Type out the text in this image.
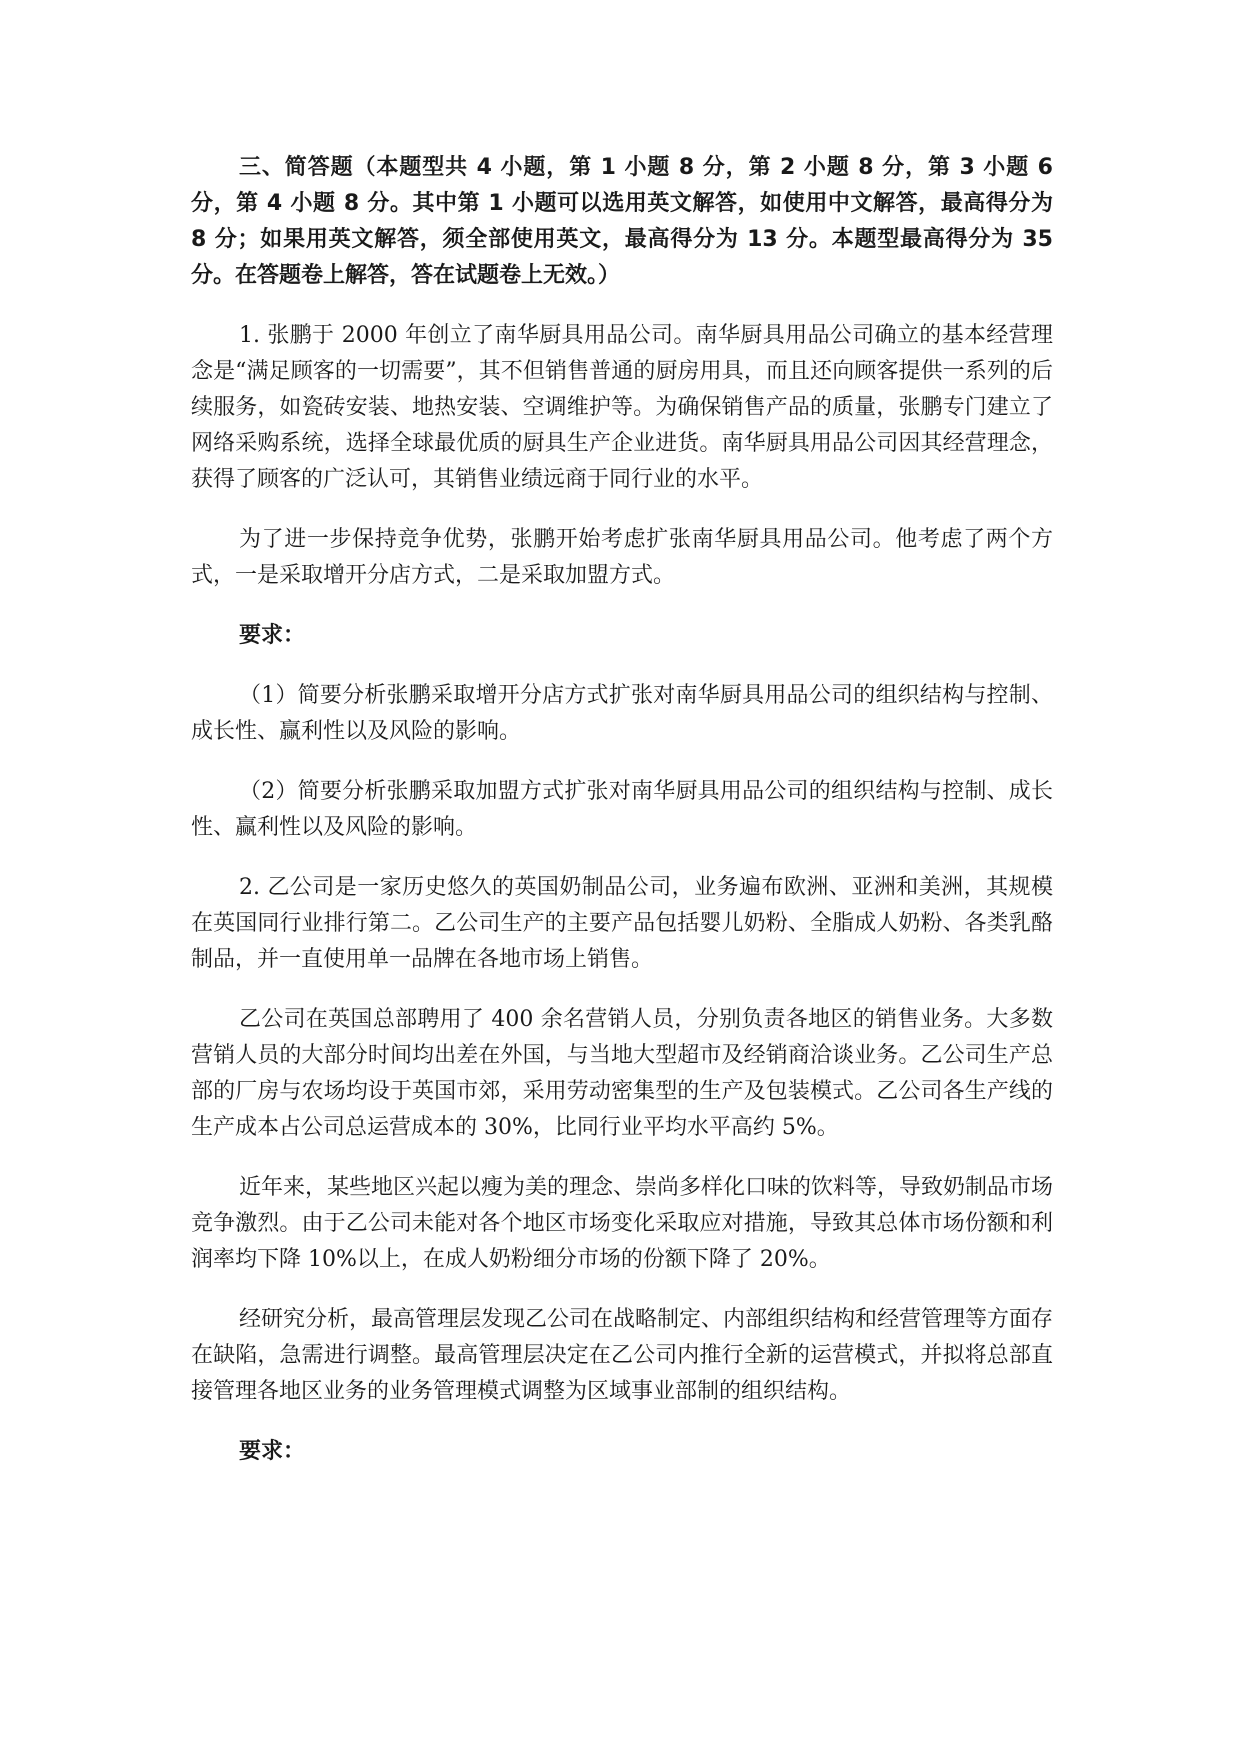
三、简答题（本题型共 4 小题，第 1 小题 8 分，第 2 小题 8 分，第 3 小题 6 分，第 4 小题 8 分。其中第 1 小题可以选用英文解答，如使用中文解答，最高得分为 8 分；如果用英文解答，须全部使用英文，最高得分为 13 分。本题型最高得分为 35 分。在答题卷上解答，答在试题卷上无效。）

1. 张鹏于 2000 年创立了南华厨具用品公司。南华厨具用品公司确立的基本经营理念是“满足顾客的一切需要”，其不但销售普通的厨房用具，而且还向顾客提供一系列的后续服务，如瓷砖安装、地热安装、空调维护等。为确保销售产品的质量，张鹏专门建立了网络采购系统，选择全球最优质的厨具生产企业进货。南华厨具用品公司因其经营理念，获得了顾客的广泛认可，其销售业绩远商于同行业的水平。

为了进一步保持竞争优势，张鹏开始考虑扩张南华厨具用品公司。他考虑了两个方式，一是采取增开分店方式，二是采取加盟方式。

要求：

（1）简要分析张鹏采取增开分店方式扩张对南华厨具用品公司的组织结构与控制、成长性、赢利性以及风险的影响。

（2）简要分析张鹏采取加盟方式扩张对南华厨具用品公司的组织结构与控制、成长性、赢利性以及风险的影响。

2. 乙公司是一家历史悠久的英国奶制品公司，业务遍布欧洲、亚洲和美洲，其规模在英国同行业排行第二。乙公司生产的主要产品包括婴儿奶粉、全脂成人奶粉、各类乳酪制品，并一直使用单一品牌在各地市场上销售。

乙公司在英国总部聘用了 400 余名营销人员，分别负责各地区的销售业务。大多数营销人员的大部分时间均出差在外国，与当地大型超市及经销商洽谈业务。乙公司生产总部的厂房与农场均设于英国市郊，采用劳动密集型的生产及包装模式。乙公司各生产线的生产成本占公司总运营成本的 30%，比同行业平均水平高约 5%。

近年来，某些地区兴起以瘦为美的理念、崇尚多样化口味的饮料等，导致奶制品市场竞争激烈。由于乙公司未能对各个地区市场变化采取应对措施，导致其总体市场份额和利润率均下降 10%以上，在成人奶粉细分市场的份额下降了 20%。

经研究分析，最高管理层发现乙公司在战略制定、内部组织结构和经营管理等方面存在缺陷，急需进行调整。最高管理层决定在乙公司内推行全新的运营模式，并拟将总部直接管理各地区业务的业务管理模式调整为区域事业部制的组织结构。

要求：
